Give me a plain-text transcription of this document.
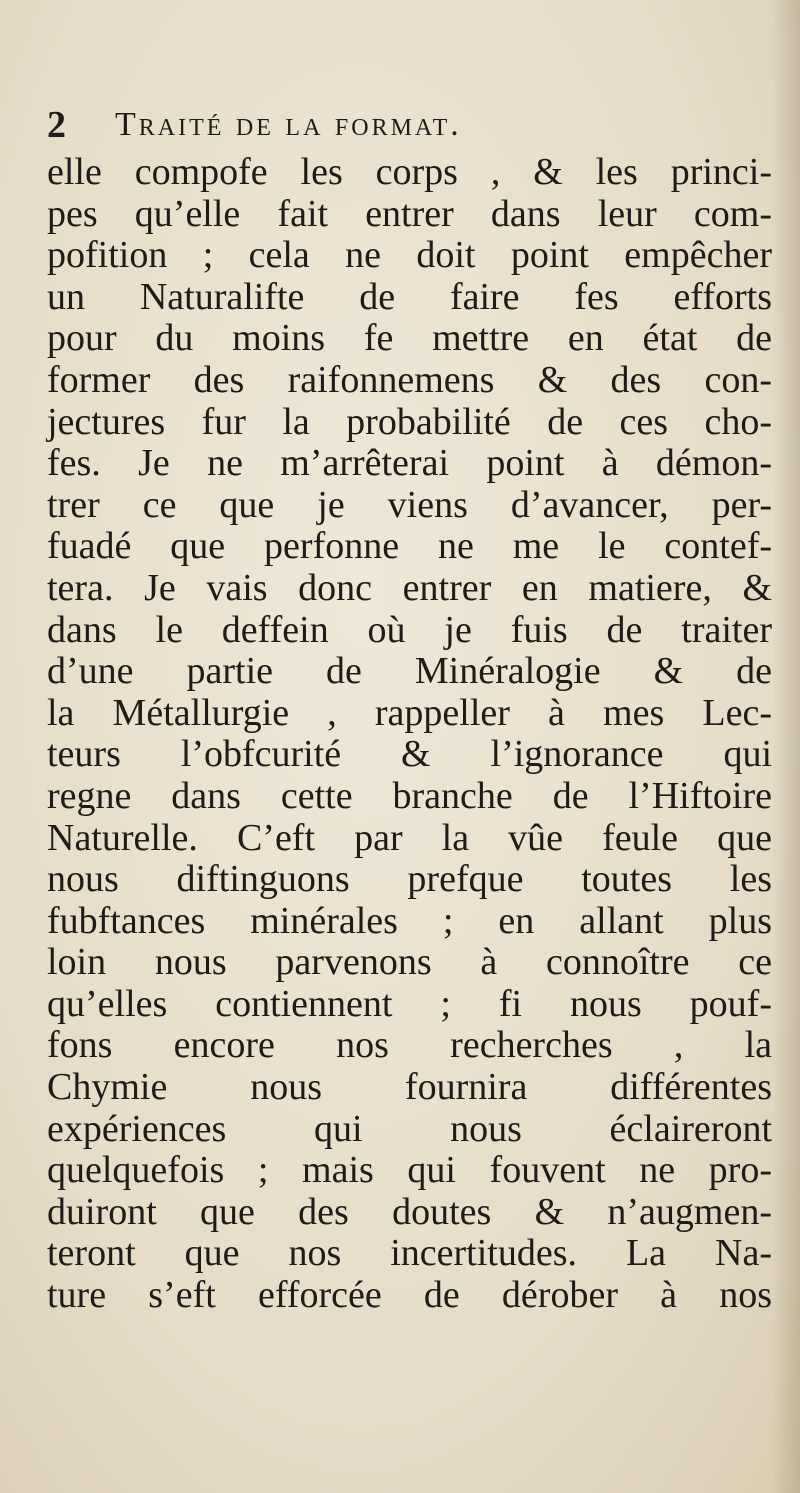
2 Traité de la format.
elle compofe les corps , & les princi-
pes qu’elle fait entrer dans leur com-
pofition ; cela ne doit point empêcher
un Naturalifte de faire fes efforts
pour du moins fe mettre en état de
former des raifonnemens & des con-
jectures fur la probabilité de ces cho-
fes. Je ne m’arrêterai point à démon-
trer ce que je viens d’avancer, per-
fuadé que perfonne ne me le contef-
tera. Je vais donc entrer en matiere, &
dans le deffein où je fuis de traiter
d’une partie de Minéralogie & de
la Métallurgie , rappeller à mes Lec-
teurs l’obfcurité & l’ignorance qui
regne dans cette branche de l’Hiftoire
Naturelle. C’eft par la vûe feule que
nous diftinguons prefque toutes les
fubftances minérales ; en allant plus
loin nous parvenons à connoître ce
qu’elles contiennent ; fi nous pouf-
fons encore nos recherches , la
Chymie nous fournira différentes
expériences qui nous éclaireront
quelquefois ; mais qui fouvent ne pro-
duiront que des doutes & n’augmen-
teront que nos incertitudes. La Na-
ture s’eft efforcée de dérober à nos
